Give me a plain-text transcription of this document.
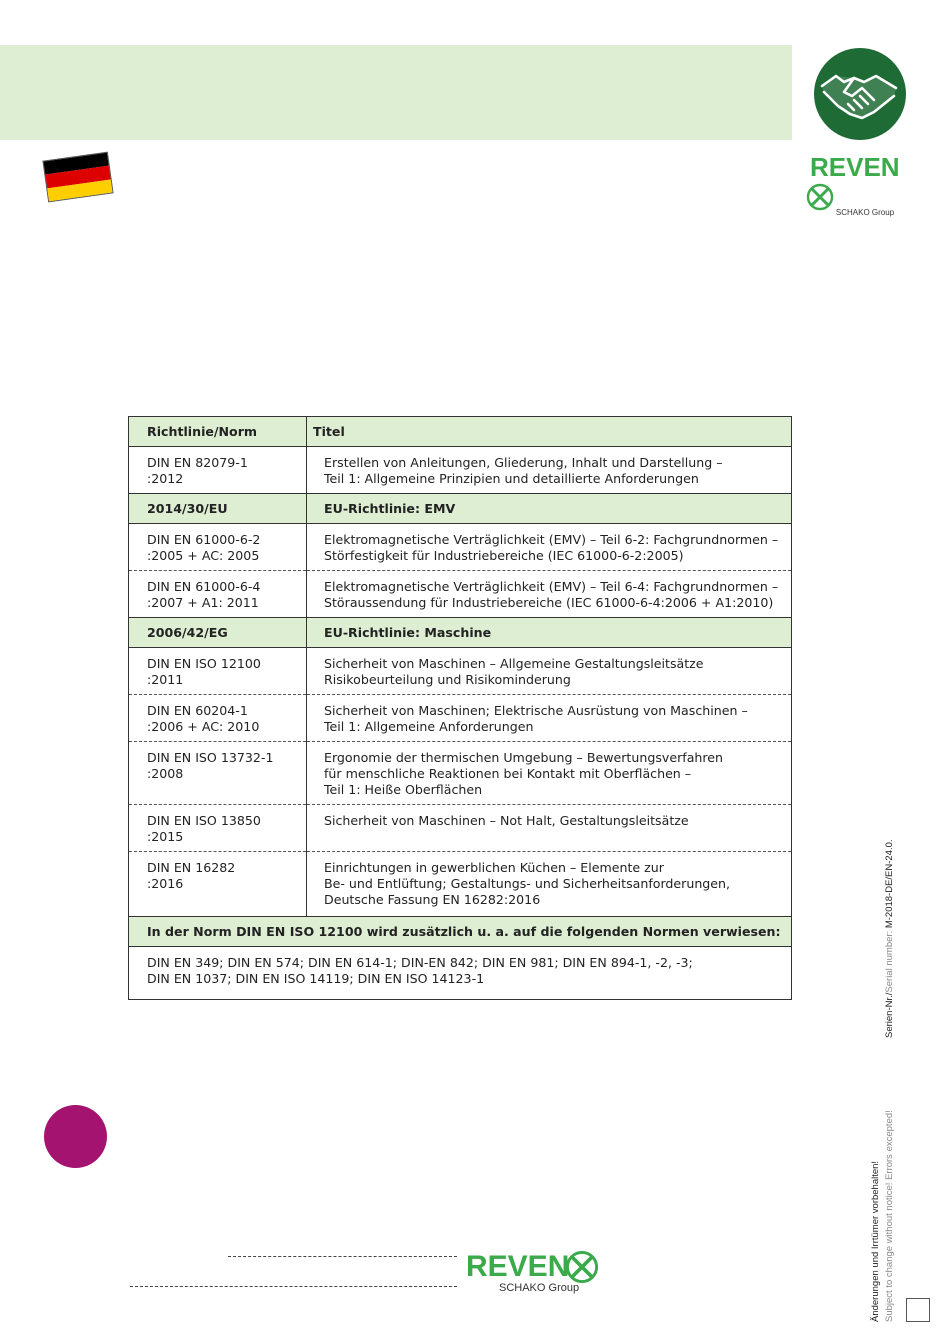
REVEN
SCHAKO Group
Richtlinie/Norm	Titel

DIN EN 82079-1
:2012	Erstellen von Anleitungen, Gliederung, Inhalt und Darstellung –
Teil 1: Allgemeine Prinzipien und detaillierte Anforderungen

2014/30/EU	EU-Richtlinie: EMV

DIN EN 61000-6-2
:2005 + AC: 2005	Elektromagnetische Verträglichkeit (EMV) – Teil 6-2: Fachgrundnormen –
Störfestigkeit für Industriebereiche (IEC 61000-6-2:2005)

DIN EN 61000-6-4
:2007 + A1: 2011	Elektromagnetische Verträglichkeit (EMV) – Teil 6-4: Fachgrundnormen –
Störaussendung für Industriebereiche (IEC 61000-6-4:2006 + A1:2010)

2006/42/EG	EU-Richtlinie: Maschine

DIN EN ISO 12100
:2011	Sicherheit von Maschinen – Allgemeine Gestaltungsleitsätze
Risikobeurteilung und Risikominderung

DIN EN 60204-1
:2006 + AC: 2010	Sicherheit von Maschinen; Elektrische Ausrüstung von Maschinen –
Teil 1: Allgemeine Anforderungen

DIN EN ISO 13732-1
:2008	Ergonomie der thermischen Umgebung – Bewertungsverfahren
für menschliche Reaktionen bei Kontakt mit Oberflächen –
Teil 1: Heiße Oberflächen

DIN EN ISO 13850
:2015	Sicherheit von Maschinen – Not Halt, Gestaltungsleitsätze

DIN EN 16282
:2016	Einrichtungen in gewerblichen Küchen – Elemente zur
Be- und Entlüftung; Gestaltungs- und Sicherheitsanforderungen,
Deutsche Fassung EN 16282:2016

In der Norm DIN EN ISO 12100 wird zusätzlich u. a. auf die folgenden Normen verwiesen:	

DIN EN 349; DIN EN 574; DIN EN 614-1; DIN-EN 842; DIN EN 981; DIN EN 894-1, -2, -3;
DIN EN 1037; DIN EN ISO 14119; DIN EN ISO 14123-1	
REVEN
SCHAKO Group
Serien-Nr./Serial number: M-2018-DE/EN-24.0.
Änderungen und Irrtümer vorbehalten! Subject to change without notice! Errors excepted!
